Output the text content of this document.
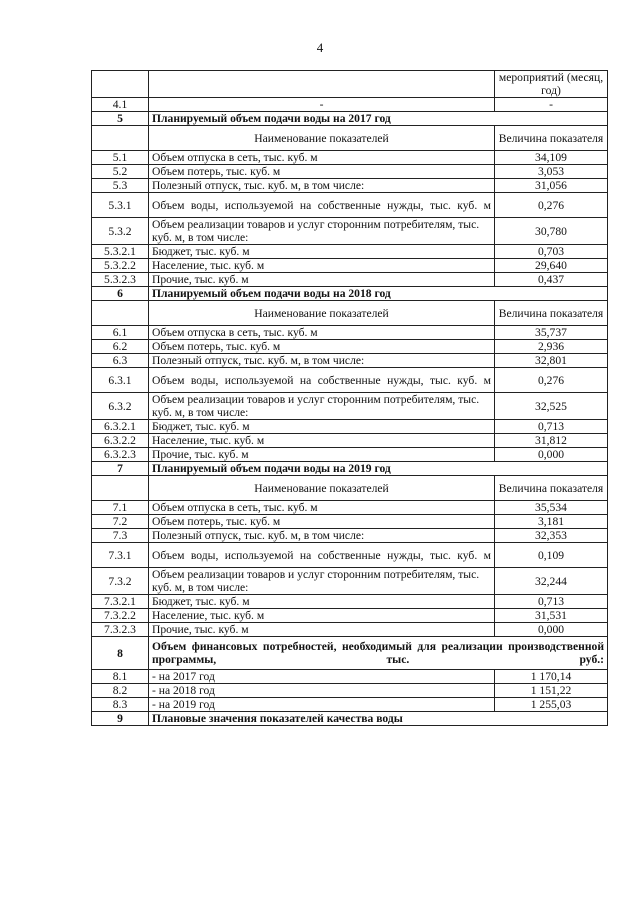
4
		мероприятий (месяц, год)
4.1	-	-
5	Планируемый объем подачи воды на 2017 год	
	Наименование показателей	Величина показателя
5.1	Объем отпуска в сеть, тыс. куб. м	34,109
5.2	Объем потерь, тыс. куб. м	3,053
5.3	Полезный отпуск, тыс. куб. м, в том числе:	31,056
5.3.1	Объем воды, используемой на собственные нужды, тыс. куб. м	0,276
5.3.2	Объем реализации товаров и услуг сторонним потребителям, тыс. куб. м, в том числе:	30,780
5.3.2.1	Бюджет, тыс. куб. м	0,703
5.3.2.2	Население, тыс. куб. м	29,640
5.3.2.3	Прочие, тыс. куб. м	0,437
6	Планируемый объем подачи воды на 2018 год	
	Наименование показателей	Величина показателя
6.1	Объем отпуска в сеть, тыс. куб. м	35,737
6.2	Объем потерь, тыс. куб. м	2,936
6.3	Полезный отпуск, тыс. куб. м, в том числе:	32,801
6.3.1	Объем воды, используемой на собственные нужды, тыс. куб. м	0,276
6.3.2	Объем реализации товаров и услуг сторонним потребителям, тыс. куб. м, в том числе:	32,525
6.3.2.1	Бюджет, тыс. куб. м	0,713
6.3.2.2	Население, тыс. куб. м	31,812
6.3.2.3	Прочие, тыс. куб. м	0,000
7	Планируемый объем подачи воды на 2019 год	
	Наименование показателей	Величина показателя
7.1	Объем отпуска в сеть, тыс. куб. м	35,534
7.2	Объем потерь, тыс. куб. м	3,181
7.3	Полезный отпуск, тыс. куб. м, в том числе:	32,353
7.3.1	Объем воды, используемой на собственные нужды, тыс. куб. м	0,109
7.3.2	Объем реализации товаров и услуг сторонним потребителям, тыс. куб. м, в том числе:	32,244
7.3.2.1	Бюджет, тыс. куб. м	0,713
7.3.2.2	Население, тыс. куб. м	31,531
7.3.2.3	Прочие, тыс. куб. м	0,000
8	Объем финансовых потребностей, необходимый для реализации производственной программы, тыс. руб.:	
8.1	- на 2017 год	1 170,14
8.2	- на 2018 год	1 151,22
8.3	- на 2019 год	1 255,03
9	Плановые значения показателей качества воды	
